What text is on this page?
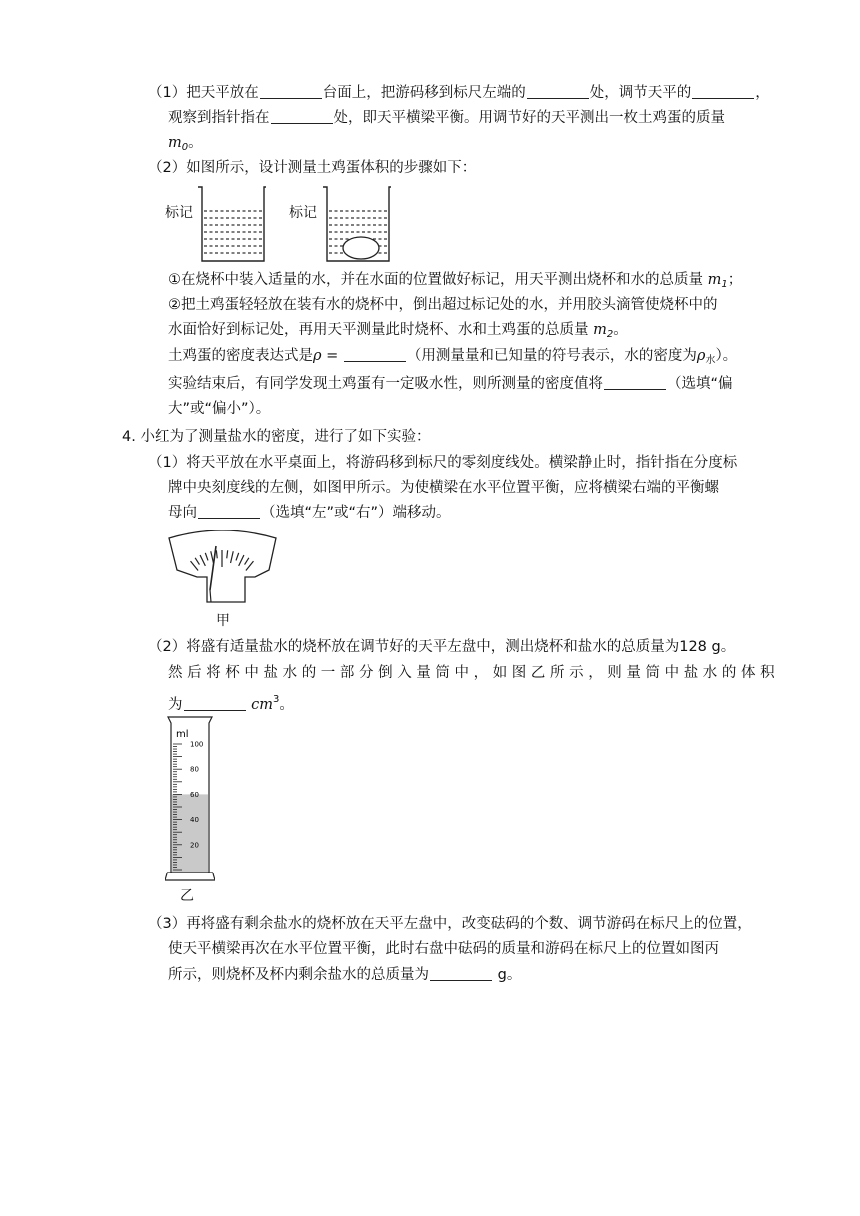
（1）把天平放在	台面上，把游码移到标尺左端的	处，调节天平的	，
观察到指针指在	处，即天平横梁平衡。用调节好的天平测出一枚土鸡蛋的质量
$m_0$。
（2）如图所示，设计测量土鸡蛋体积的步骤如下：
标记	标记
①在烧杯中装入适量的水，并在水面的位置做好标记，用天平测出烧杯和水的总质量 $m_1$；
②把土鸡蛋轻轻放在装有水的烧杯中，倒出超过标记处的水，并用胶头滴管使烧杯中的
水面恰好到标记处，再用天平测量此时烧杯、水和土鸡蛋的总质量 $m_2$。
土鸡蛋的密度表达式是ρ =	（用测量量和已知量的符号表示，水的密度为$\rho_水$）。
实验结束后，有同学发现土鸡蛋有一定吸水性，则所测量的密度值将	（选填“偏
大”或“偏小”）。
4. 小红为了测量盐水的密度，进行了如下实验：
（1）将天平放在水平桌面上，将游码移到标尺的零刻度线处。横梁静止时，指针指在分度标
牌中央刻度线的左侧，如图甲所示。为使横梁在水平位置平衡，应将横梁右端的平衡螺
母向	（选填“左”或“右”）端移动。
甲
（2）将盛有适量盐水的烧杯放在调节好的天平左盘中，测出烧杯和盐水的总质量为128 g。
然后将杯中盐水的一部分倒入量筒中，如图乙所示，则量筒中盐水的体积
为	$cm^3$。
ml
100
80
60
40
20
乙
（3）再将盛有剩余盐水的烧杯放在天平左盘中，改变砝码的个数、调节游码在标尺上的位置，
使天平横梁再次在水平位置平衡，此时右盘中砝码的质量和游码在标尺上的位置如图丙
所示，则烧杯及杯内剩余盐水的总质量为	g。
